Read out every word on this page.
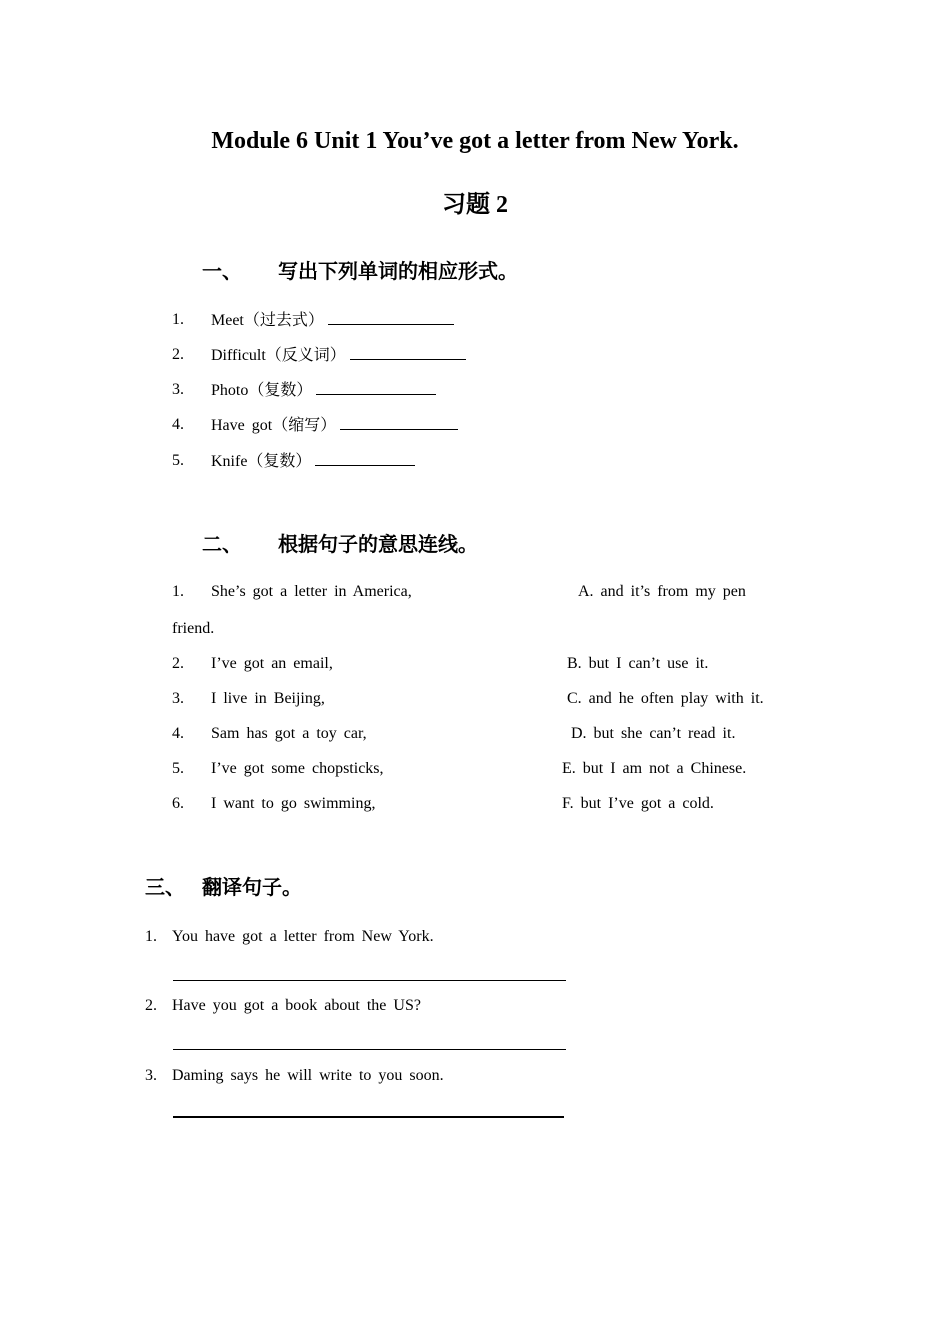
Module 6 Unit 1 You’ve got a letter from New York.
习题 2
一、 写出下列单词的相应形式。
1. Meet（过去式）
2. Difficult（反义词）
3. Photo（复数）
4. Have got（缩写）
5. Knife（复数）
二、 根据句子的意思连线。
1. She’s got a letter in America,	A. and it’s from my pen
friend.
2. I’ve got an email,	B. but I can’t use it.
3. I live in Beijing,	C. and he often play with it.
4. Sam has got a toy car,	D. but she can’t read it.
5. I’ve got some chopsticks,	E. but I am not a Chinese.
6. I want to go swimming,	F. but I’ve got a cold.
三、 翻译句子。
1. You have got a letter from New York.
2. Have you got a book about the US?
3. Daming says he will write to you soon.
